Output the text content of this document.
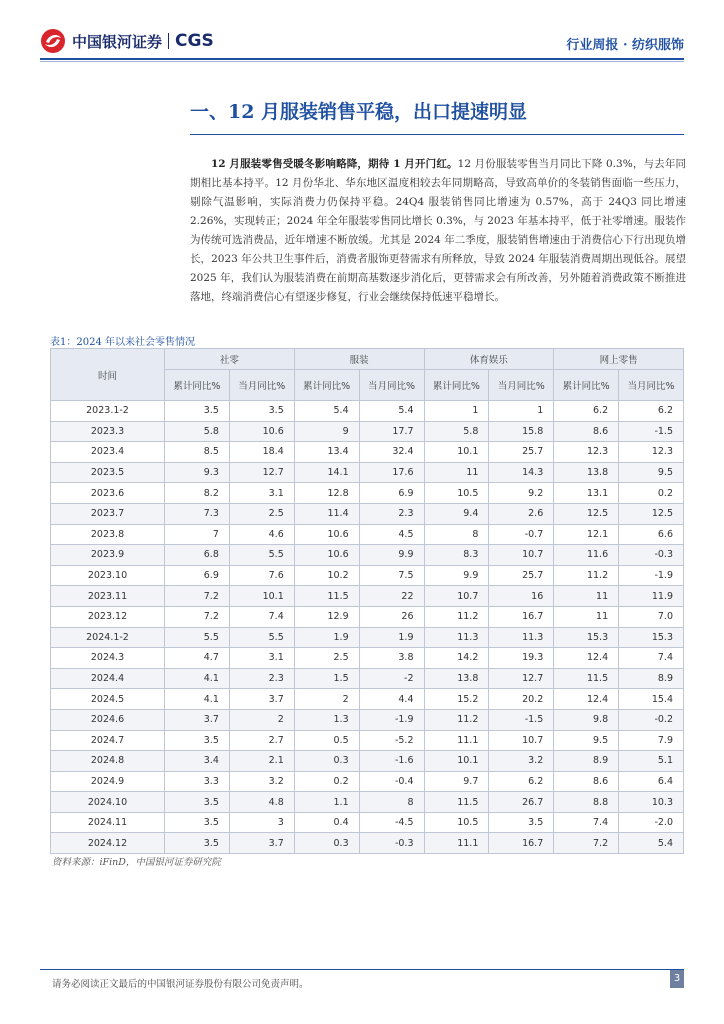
中国银河证券 CGS	行业周报 · 纺织服饰
一、12 月服装销售平稳，出口提速明显

12 月服装零售受暖冬影响略降，期待 1 月开门红。12 月份服装零售当月同比下降 0.3%，与去年同期相比基本持平。12 月份华北、华东地区温度相较去年同期略高，导致高单价的冬装销售面临一些压力，剔除气温影响，实际消费力仍保持平稳。24Q4 服装销售同比增速为 0.57%，高于 24Q3 同比增速 2.26%，实现转正；2024 年全年服装零售同比增长 0.3%，与 2023 年基本持平，低于社零增速。服装作为传统可选消费品，近年增速不断放缓。尤其是 2024 年二季度，服装销售增速由于消费信心下行出现负增长，2023 年公共卫生事件后，消费者服饰更替需求有所释放，导致 2024 年服装消费周期出现低谷。展望 2025 年，我们认为服装消费在前期高基数逐步消化后，更替需求会有所改善，另外随着消费政策不断推进落地，终端消费信心有望逐步修复，行业会继续保持低速平稳增长。

表1：2024 年以来社会零售情况
时间	社零		服装		体育娱乐		网上零售	
	累计同比%	当月同比%	累计同比%	当月同比%	累计同比%	当月同比%	累计同比%	当月同比%
2023.1-2	3.5	3.5	5.4	5.4	1	1	6.2	6.2
2023.3	5.8	10.6	9	17.7	5.8	15.8	8.6	-1.5
2023.4	8.5	18.4	13.4	32.4	10.1	25.7	12.3	12.3
2023.5	9.3	12.7	14.1	17.6	11	14.3	13.8	9.5
2023.6	8.2	3.1	12.8	6.9	10.5	9.2	13.1	0.2
2023.7	7.3	2.5	11.4	2.3	9.4	2.6	12.5	12.5
2023.8	7	4.6	10.6	4.5	8	-0.7	12.1	6.6
2023.9	6.8	5.5	10.6	9.9	8.3	10.7	11.6	-0.3
2023.10	6.9	7.6	10.2	7.5	9.9	25.7	11.2	-1.9
2023.11	7.2	10.1	11.5	22	10.7	16	11	11.9
2023.12	7.2	7.4	12.9	26	11.2	16.7	11	7.0
2024.1-2	5.5	5.5	1.9	1.9	11.3	11.3	15.3	15.3
2024.3	4.7	3.1	2.5	3.8	14.2	19.3	12.4	7.4
2024.4	4.1	2.3	1.5	-2	13.8	12.7	11.5	8.9
2024.5	4.1	3.7	2	4.4	15.2	20.2	12.4	15.4
2024.6	3.7	2	1.3	-1.9	11.2	-1.5	9.8	-0.2
2024.7	3.5	2.7	0.5	-5.2	11.1	10.7	9.5	7.9
2024.8	3.4	2.1	0.3	-1.6	10.1	3.2	8.9	5.1
2024.9	3.3	3.2	0.2	-0.4	9.7	6.2	8.6	6.4
2024.10	3.5	4.8	1.1	8	11.5	26.7	8.8	10.3
2024.11	3.5	3	0.4	-4.5	10.5	3.5	7.4	-2.0
2024.12	3.5	3.7	0.3	-0.3	11.1	16.7	7.2	5.4
资料来源：iFinD，中国银河证券研究院
请务必阅读正文最后的中国银河证券股份有限公司免责声明。
3
